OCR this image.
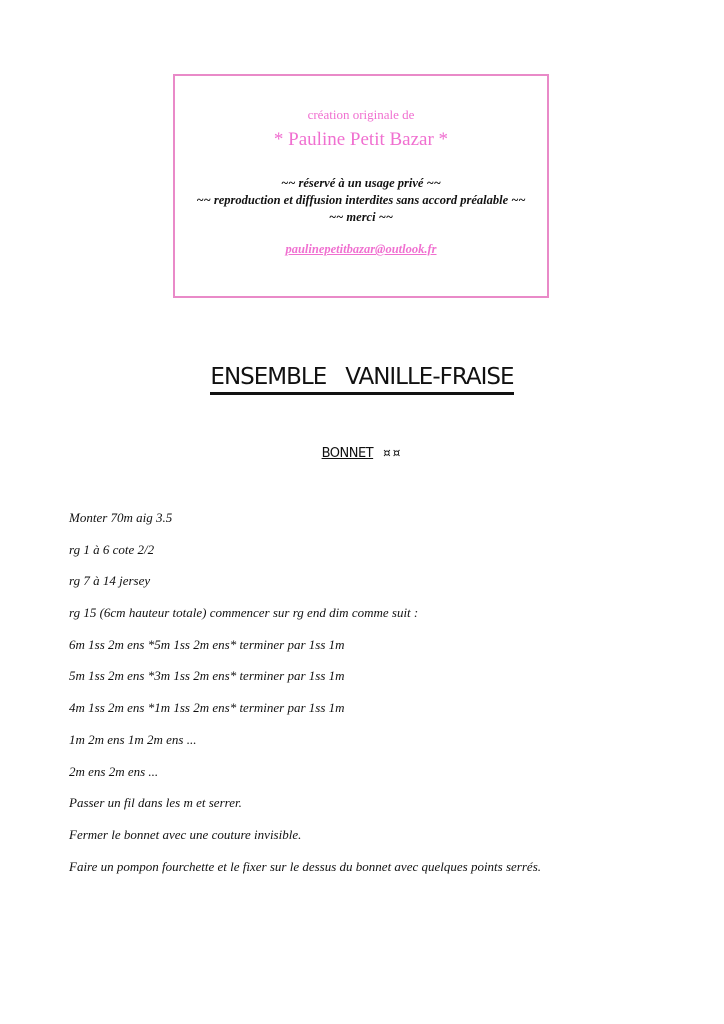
création originale de
* Pauline Petit Bazar *
~~ réservé à un usage privé ~~
~~ reproduction et diffusion interdites sans accord préalable ~~
~~ merci ~~
paulinepetitbazar@outlook.fr
ENSEMBLE   VANILLE-FRAISE
BONNET ¤¤
Monter 70m aig 3.5
rg 1 à 6 cote 2/2
rg 7 à 14 jersey
rg 15 (6cm hauteur totale) commencer sur rg end dim comme suit :
6m 1ss 2m ens *5m 1ss 2m ens* terminer par 1ss 1m
5m 1ss 2m ens *3m 1ss 2m ens* terminer par 1ss 1m
4m 1ss 2m ens *1m 1ss 2m ens* terminer par 1ss 1m
1m 2m ens 1m 2m ens ...
2m ens 2m ens ...
Passer un fil dans les m et serrer.
Fermer le bonnet avec une couture invisible.
Faire un pompon fourchette et le fixer sur le dessus du bonnet avec quelques points serrés.
